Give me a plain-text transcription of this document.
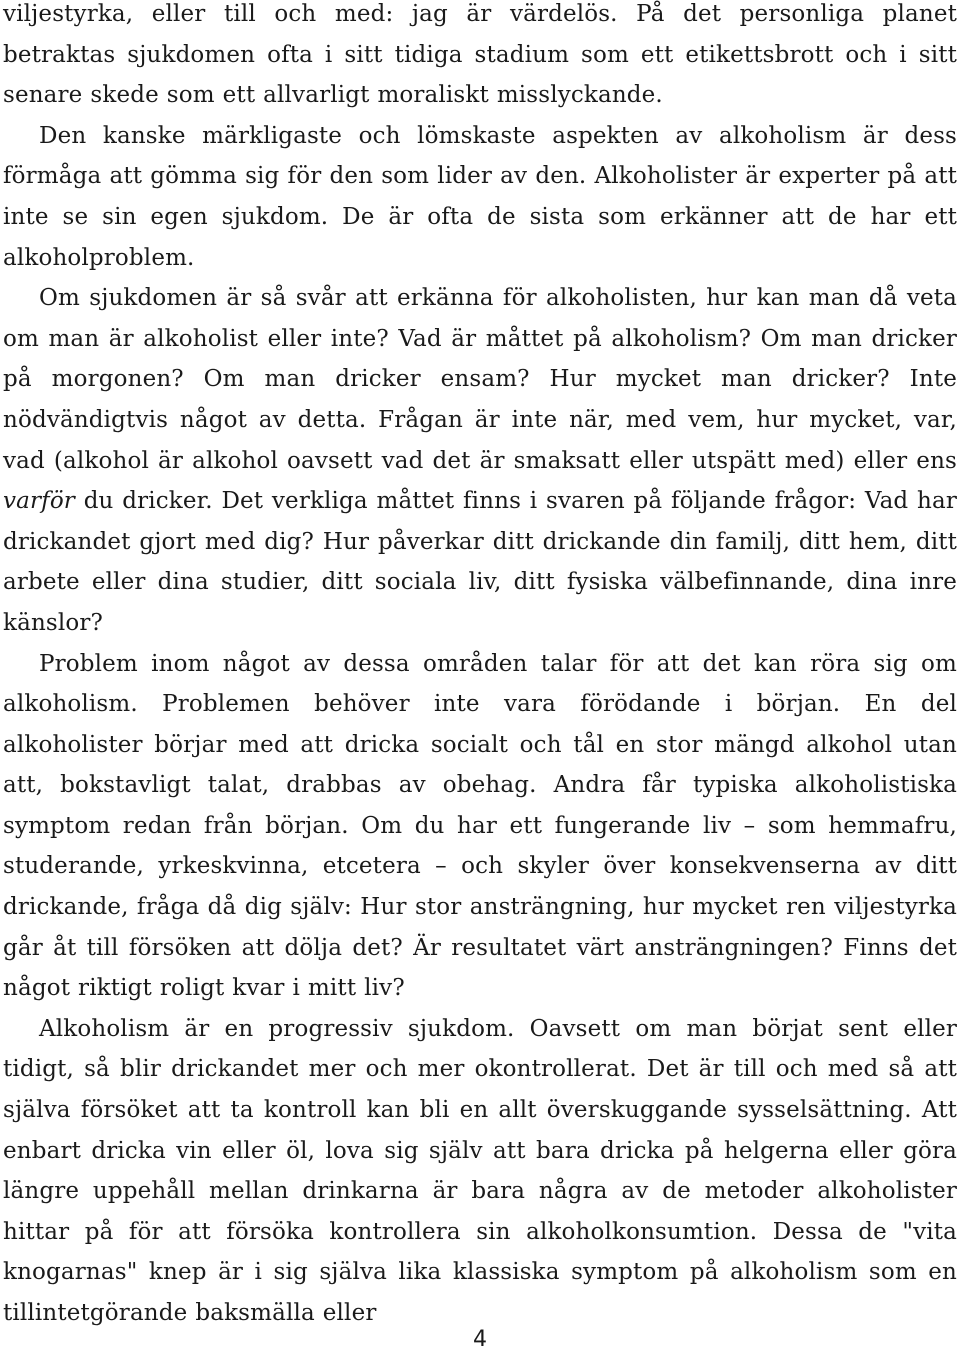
viljestyrka, eller till och med: jag är värdelös. På det personliga planet betraktas sjukdomen ofta i sitt tidiga stadium som ett etikettsbrott och i sitt senare skede som ett allvarligt moraliskt misslyckande.

Den kanske märkligaste och lömskaste aspekten av alkoholism är dess förmåga att gömma sig för den som lider av den. Alkoholister är experter på att inte se sin egen sjukdom. De är ofta de sista som erkänner att de har ett alkoholproblem.

Om sjukdomen är så svår att erkänna för alkoholisten, hur kan man då veta om man är alkoholist eller inte? Vad är måttet på alkoholism? Om man dricker på morgonen? Om man dricker ensam? Hur mycket man dricker? Inte nödvändigtvis något av detta. Frågan är inte när, med vem, hur mycket, var, vad (alkohol är alkohol oavsett vad det är smaksatt eller utspätt med) eller ens varför du dricker. Det verkliga måttet finns i svaren på följande frågor: Vad har drickandet gjort med dig? Hur påverkar ditt drickande din familj, ditt hem, ditt arbete eller dina studier, ditt sociala liv, ditt fysiska välbefinnande, dina inre känslor?

Problem inom något av dessa områden talar för att det kan röra sig om alkoholism. Problemen behöver inte vara förödande i början. En del alkoholister börjar med att dricka socialt och tål en stor mängd alkohol utan att, bokstavligt talat, drabbas av obehag. Andra får typiska alkoholistiska symptom redan från början. Om du har ett fungerande liv – som hemmafru, studerande, yrkeskvinna, etcetera – och skyler över konsekvenserna av ditt drickande, fråga då dig själv: Hur stor ansträngning, hur mycket ren viljestyrka går åt till försöken att dölja det? Är resultatet värt ansträngningen? Finns det något riktigt roligt kvar i mitt liv?

Alkoholism är en progressiv sjukdom. Oavsett om man börjat sent eller tidigt, så blir drickandet mer och mer okontrollerat. Det är till och med så att själva försöket att ta kontroll kan bli en allt överskuggande sysselsättning. Att enbart dricka vin eller öl, lova sig själv att bara dricka på helgerna eller göra längre uppehåll mellan drinkarna är bara några av de metoder alkoholister hittar på för att försöka kontrollera sin alkoholkonsumtion. Dessa de "vita knogarnas" knep är i sig själva lika klassiska symptom på alkoholism som en tillintetgörande baksmälla eller

4
